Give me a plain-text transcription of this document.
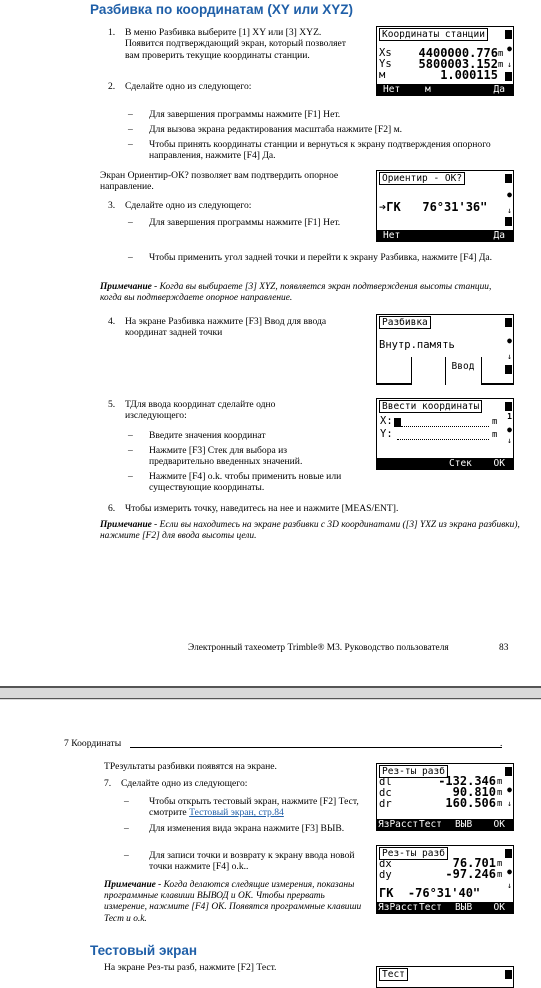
Разбивка по координатам (XY или XYZ)
1. В меню Разбивка выберите [1] XY или [3] XYZ. Появится подтверждающий экран, который позволяет вам проверить текущие координаты станции.
2. Сделайте одно из следующего:
– Для завершения программы нажмите [F1] Нет.
– Для вызова экрана редактирования масштаба нажмите [F2] м.
– Чтобы принять координаты станции и вернуться к экрану подтверждения опорного направления, нажмите [F4] Да.
Экран Ориентир-ОК? позволяет вам подтвердить опорное направление.
3. Сделайте одно из следующего:
– Для завершения программы нажмите [F1] Нет.
– Чтобы применить угол задней точки и перейти к экрану Разбивка, нажмите [F4] Да.
Примечание - Когда вы выбираете [3] XYZ, появляется экран подтверждения высоты станции, когда вы подтверждаете опорное направление.
4. На экране Разбивка нажмите [F3] Ввод для ввода координат задней точки
5. ТДля ввода координат сделайте одно изследующего:
– Введите значения координат
– Нажмите [F3] Стек для выбора из предварительно введенных значений.
– Нажмите [F4] o.k. чтобы применить новые или существующие координаты.
6. Чтобы измерить точку, наведитесь на нее и нажмите [MEAS/ENT].
Примечание - Если вы находитесь на экране разбивки с 3D координатами ([3] YXZ из экрана разбивки), нажмите [F2] для ввода высоты цели.
Электронный тахеометр Trimble® M3. Руководство пользователя	83
Координаты станции
Xs	4400000.776 m
Ys	5800003.152 m
м	1.000115
●
↓
Нет	м	Да
Ориентир - OK?
➔ГК   76°31'36"
●
↓
Нет	Да
Разбивка
Внутр.память	●
↓
Ввод
Ввести координаты
X:	m
Y:	m
1
●
↓
Стек OK
7 Координаты	.
ТРезультаты разбивки появятся на экране.
7. Сделайте одно из следующего:
– Чтобы открыть тестовый экран, нажмите [F2] Тест, смотрите Тестовый экран, стр.84
– Для изменения вида экрана нажмите [F3] ВЫВ.
– Для записи точки и возврату к экрану ввода новой точки нажмите [F4] o.k..
Примечание - Когда делаются следящие измерения, показаны программные клавиши ВЫВОД и OK. Чтобы прервать измерение, нажмите [F4] OK. Появятся программные клавиши Тест и o.k.
Тестовый экран
На экране Рез-ты разб, нажмите [F2] Тест.
Рез-ты разб
dl	-132.346 m
dc	90.810 m
dr	160.506 m
●
↓
ЯзРасст Тест ВЫВ OK
Рез-ты разб
dx	76.701 m
dy	-97.246 m
ГК  -76°31'40"
●
↓
ЯзРасст Тест ВЫВ OK
Тест
